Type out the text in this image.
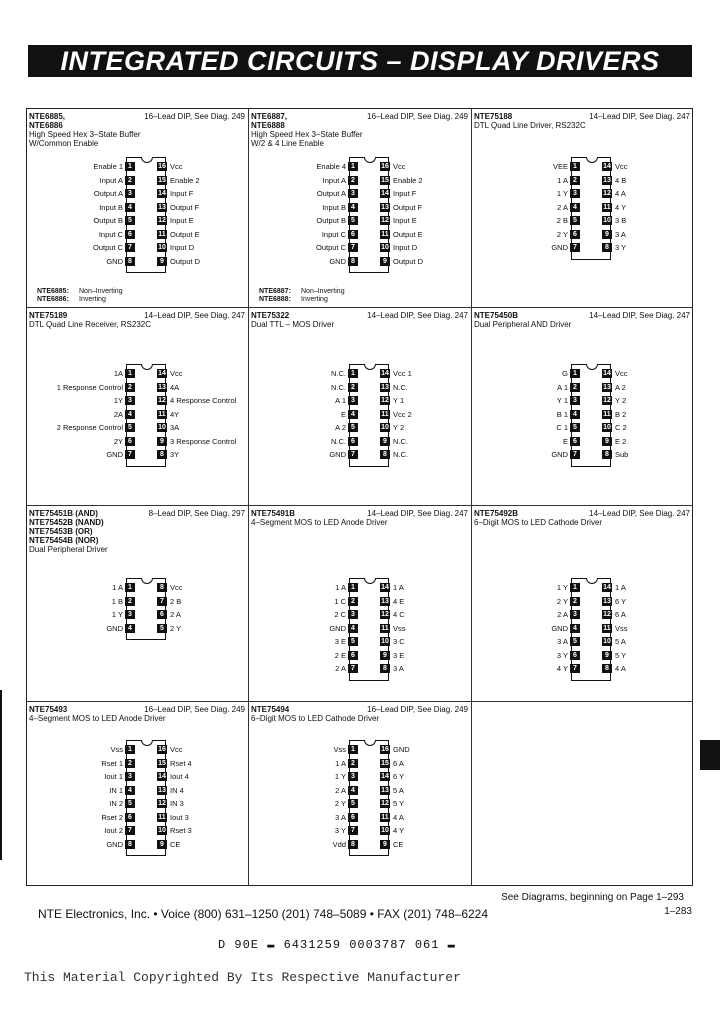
INTEGRATED CIRCUITS – DISPLAY DRIVERS
NTE6885,
NTE6886
16–Lead DIP, See Diag. 249
High Speed Hex 3–State Buffer
W/Common Enable
1	16
Enable 1	Vcc
2	15
Input A	Enable 2
3	14
Output A	Input F
4	13
Input B	Output F
5	12
Output B	Input E
6	11
Input C	Output E
7	10
Output C	Input D
8	9
GND	Output D
NTE6885: Non–Inverting
NTE6886: Inverting
NTE6887,
NTE6888
16–Lead DIP, See Diag. 249
High Speed Hex 3–State Buffer
W/2 & 4 Line Enable
1	16
Enable 4	Vcc
2	15
Input A	Enable 2
3	14
Output A	Input F
4	13
Input B	Output F
5	12
Output B	Input E
6	11
Input C	Output E
7	10
Output C	Input D
8	9
GND	Output D
NTE6887: Non–Inverting
NTE6888: Inverting
NTE75188	14–Lead DIP, See Diag. 247
DTL Quad Line Driver, RS232C
1	14
VEE	Vcc
2	13
1 A	4 B
3	12
1 Y	4 A
4	11
2 A	4 Y
5	10
2 B	3 B
6	9
2 Y	3 A
7	8
GND	3 Y
NTE75189	14–Lead DIP, See Diag. 247
DTL Quad Line Receiver, RS232C
1	14
1A	Vcc
2	13
1 Response Control	4A
3	12
1Y	4 Response Control
4	11
2A	4Y
5	10
2 Response Control	3A
6	9
2Y	3 Response Control
7	8
GND	3Y
NTE75322	14–Lead DIP, See Diag. 247
Dual TTL – MOS Driver
1	14
N.C.	Vcc 1
2	13
N.C.	N.C.
3	12
A 1	Y 1
4	11
E	Vcc 2
5	10
A 2	Y 2
6	9
N.C.	N.C.
7	8
GND	N.C.
NTE75450B	14–Lead DIP, See Diag. 247
Dual Peripheral AND Driver
1	14
G	Vcc
2	13
A 1	A 2
3	12
Y 1	Y 2
4	11
B 1	B 2
5	10
C 1	C 2
6	9
E	E 2
7	8
GND	Sub
NTE75451B (AND)
NTE75452B (NAND)
NTE75453B (OR)
NTE75454B (NOR)
8–Lead DIP, See Diag. 297
Dual Peripheral Driver
1	8
1 A	Vcc
2	7
1 B	2 B
3	6
1 Y	2 A
4	5
GND	2 Y
NTE75491B	14–Lead DIP, See Diag. 247
4–Segment MOS to LED Anode Driver
1	14
1 A	1 A
2	13
1 C	4 E
3	12
2 C	4 C
4	11
GND	Vss
5	10
3 E	3 C
6	9
2 E	3 E
7	8
2 A	3 A
NTE75492B	14–Lead DIP, See Diag. 247
6–Digit MOS to LED Cathode Driver
1	14
1 Y	1 A
2	13
2 Y	6 Y
3	12
2 A	6 A
4	11
GND	Vss
5	10
3 A	5 A
6	9
3 Y	5 Y
7	8
4 Y	4 A
NTE75493	16–Lead DIP, See Diag. 249
4–Segment MOS to LED Anode Driver
1	16
Vss	Vcc
2	15
Rset 1	Rset 4
3	14
Iout 1	Iout 4
4	13
IN 1	IN 4
5	12
IN 2	IN 3
6	11
Rset 2	Iout 3
7	10
Iout 2	Rset 3
8	9
GND	CE
NTE75494	16–Lead DIP, See Diag. 249
6–Digit MOS to LED Cathode Driver
1	16
Vss	GND
2	15
1 A	6 A
3	14
1 Y	6 Y
4	13
2 A	5 A
5	12
2 Y	5 Y
6	11
3 A	4 A
7	10
3 Y	4 Y
8	9
Vdd	CE
See Diagrams, beginning on Page 1–293
NTE Electronics, Inc. • Voice (800) 631–1250 (201) 748–5089 • FAX (201) 748–6224	1–283
D 90E ▬ 6431259 0003787 061 ▬
This Material Copyrighted By Its Respective Manufacturer
